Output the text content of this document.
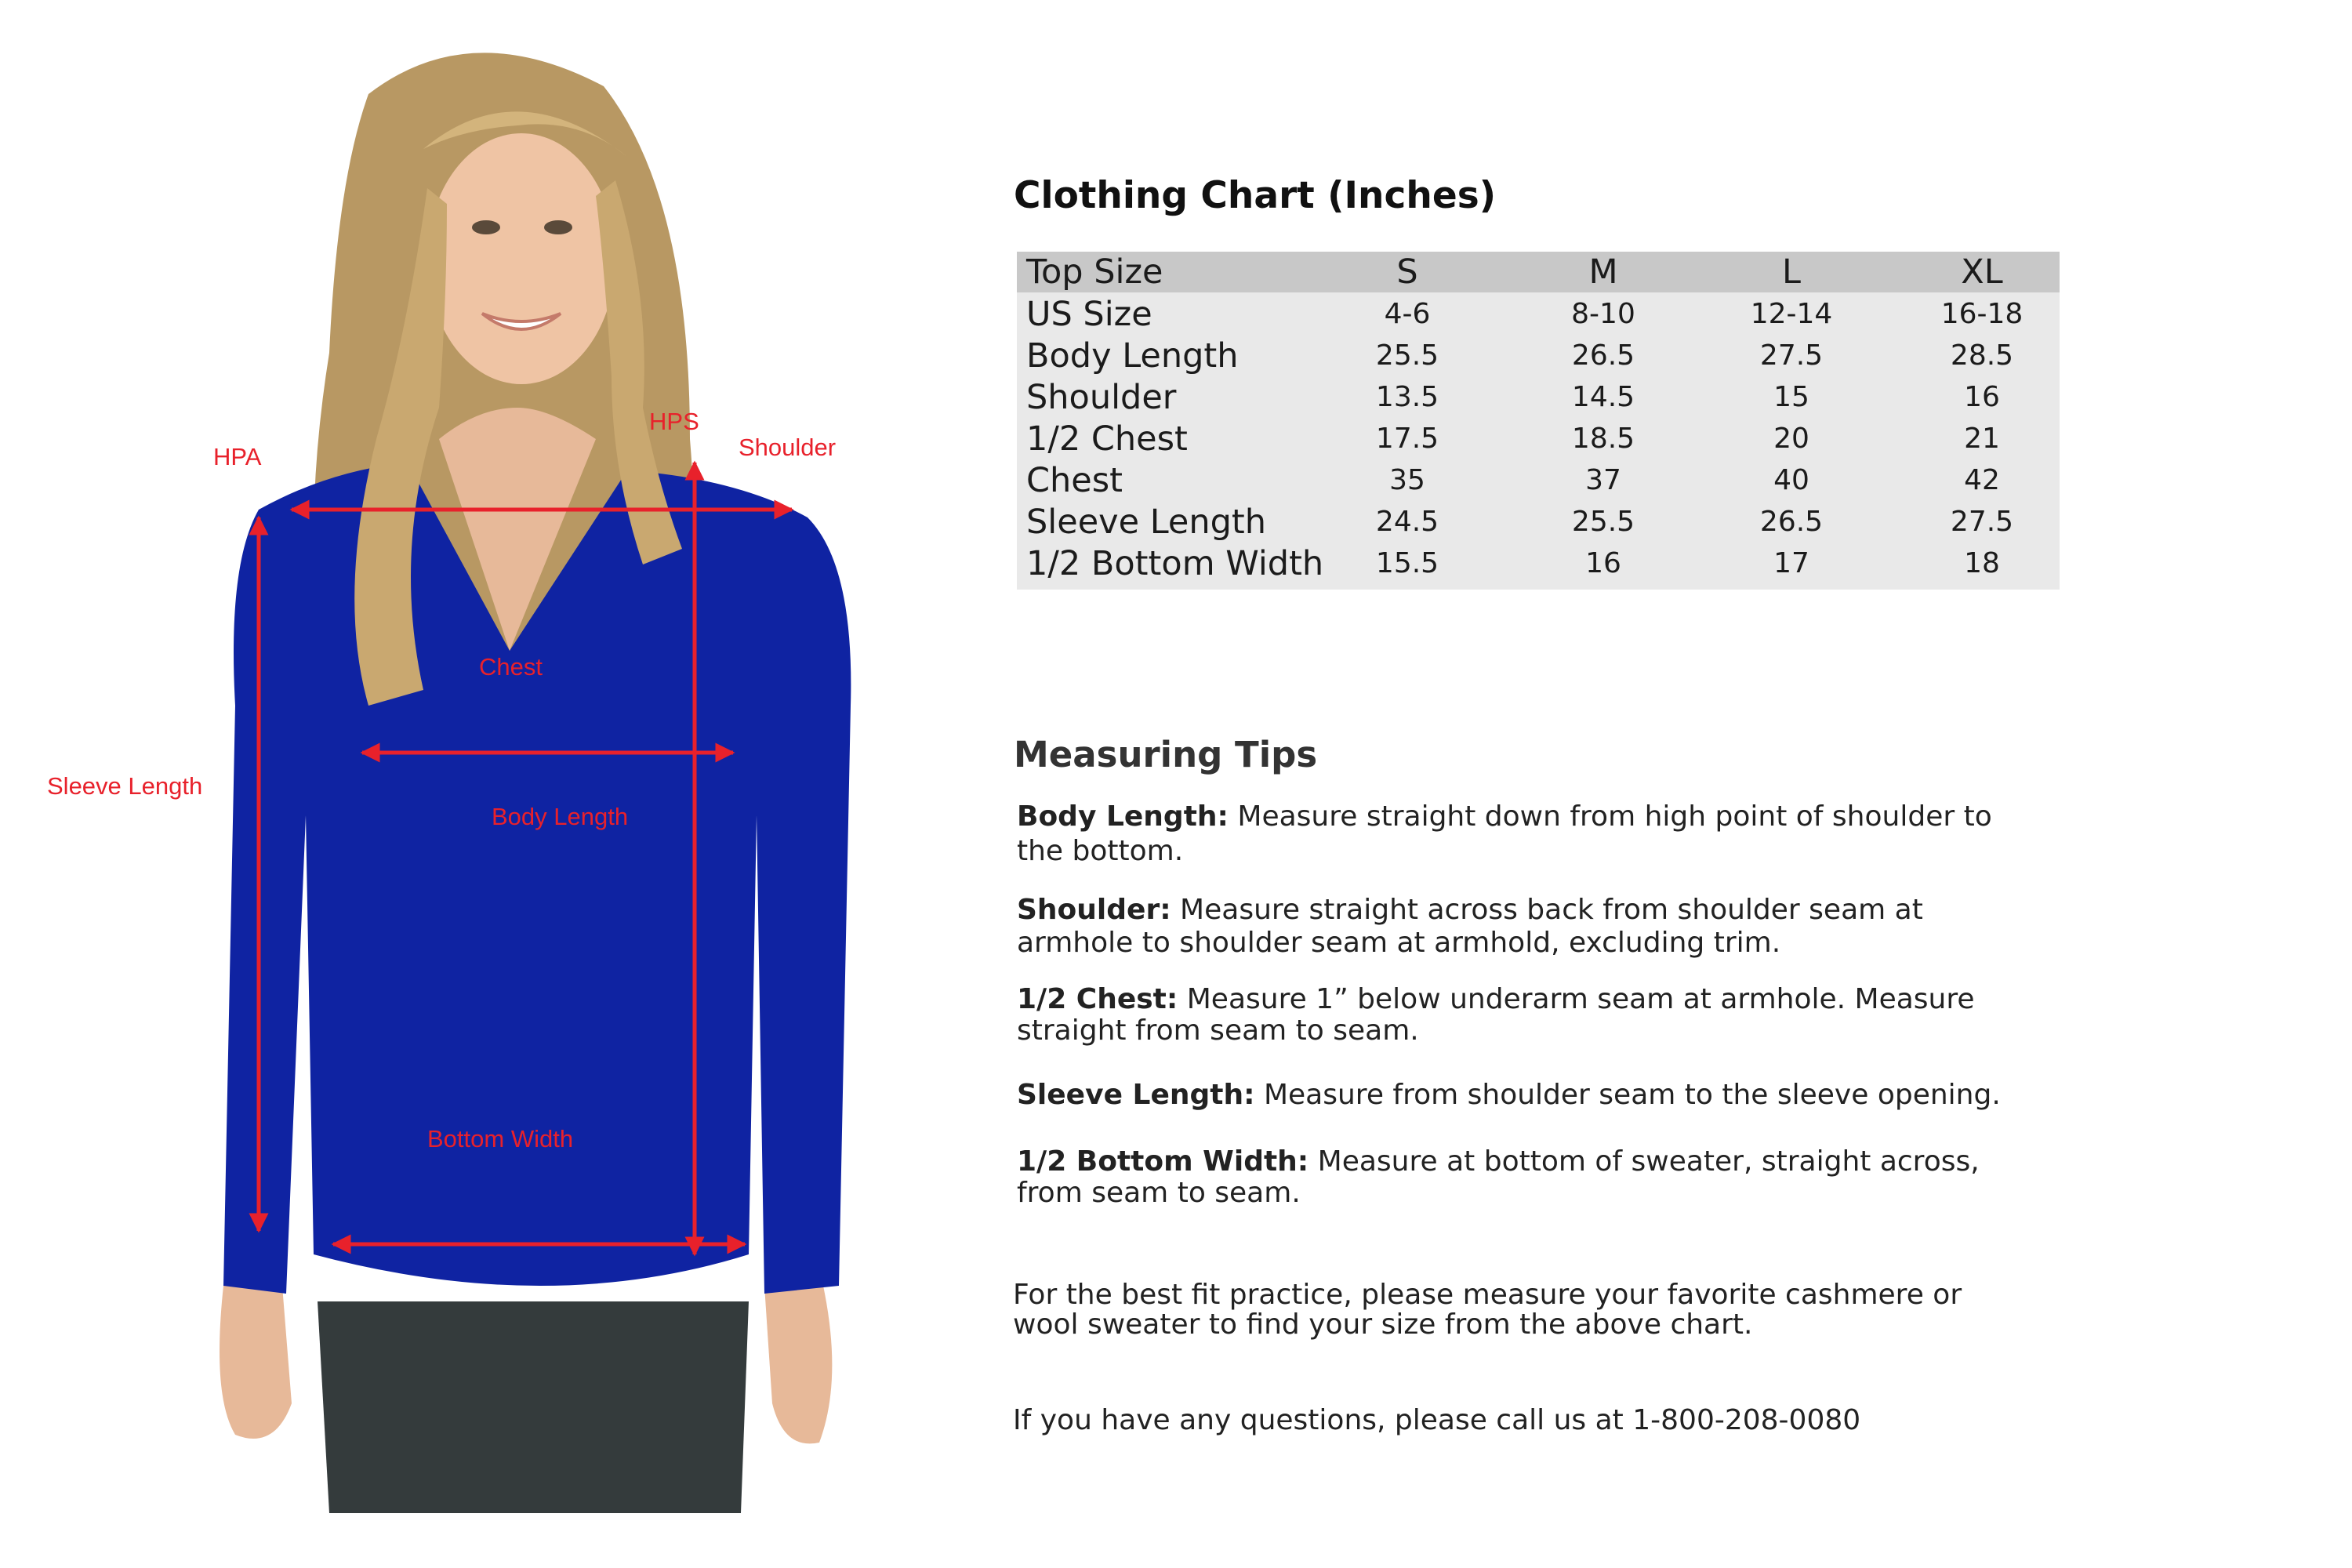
HPA
HPS
Shoulder
Chest
Sleeve Length
Body Length
Bottom Width
Clothing Chart (Inches)
Top Size	S	M	L	XL
US Size	4-6	8-10	12-14	16-18
Body Length	25.5	26.5	27.5	28.5
Shoulder	13.5	14.5	15	16
1/2 Chest	17.5	18.5	20	21
Chest	35	37	40	42
Sleeve Length	24.5	25.5	26.5	27.5
1/2 Bottom Width 15.5	16	17	18
Measuring Tips
Body Length: Measure straight down from high point of shoulder to the bottom.
Shoulder: Measure straight across back from shoulder seam at armhole to shoulder seam at armhold, excluding trim.
1/2 Chest: Measure 1” below underarm seam at armhole. Measure straight from seam to seam.
Sleeve Length: Measure from shoulder seam to the sleeve opening.
1/2 Bottom Width: Measure at bottom of sweater, straight across, from seam to seam.
For the best fit practice, please measure your favorite cashmere or wool sweater to find your size from the above chart.
If you have any questions, please call us at 1-800-208-0080
